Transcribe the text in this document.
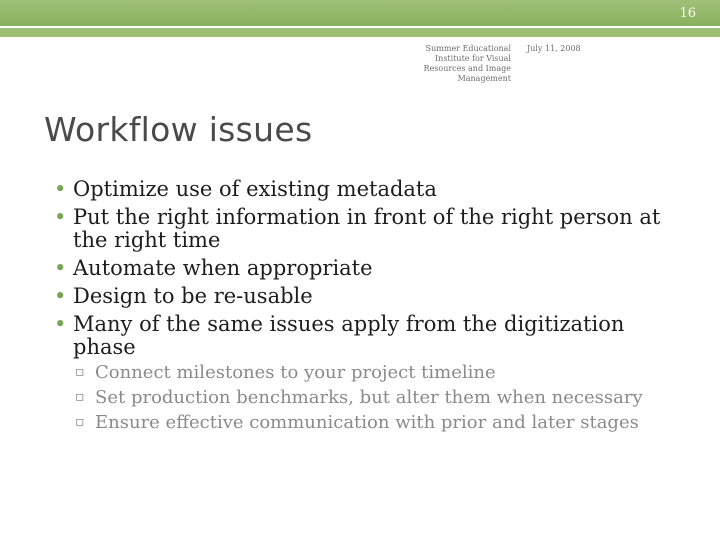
16
Summer Educational Institute for Visual Resources and Image Management
July 11, 2008
Workflow issues
• Optimize use of existing metadata
• Put the right information in front of the right person at the right time
• Automate when appropriate
• Design to be re-usable
• Many of the same issues apply from the digitization phase
▫ Connect milestones to your project timeline
▫ Set production benchmarks, but alter them when necessary
▫ Ensure effective communication with prior and later stages
